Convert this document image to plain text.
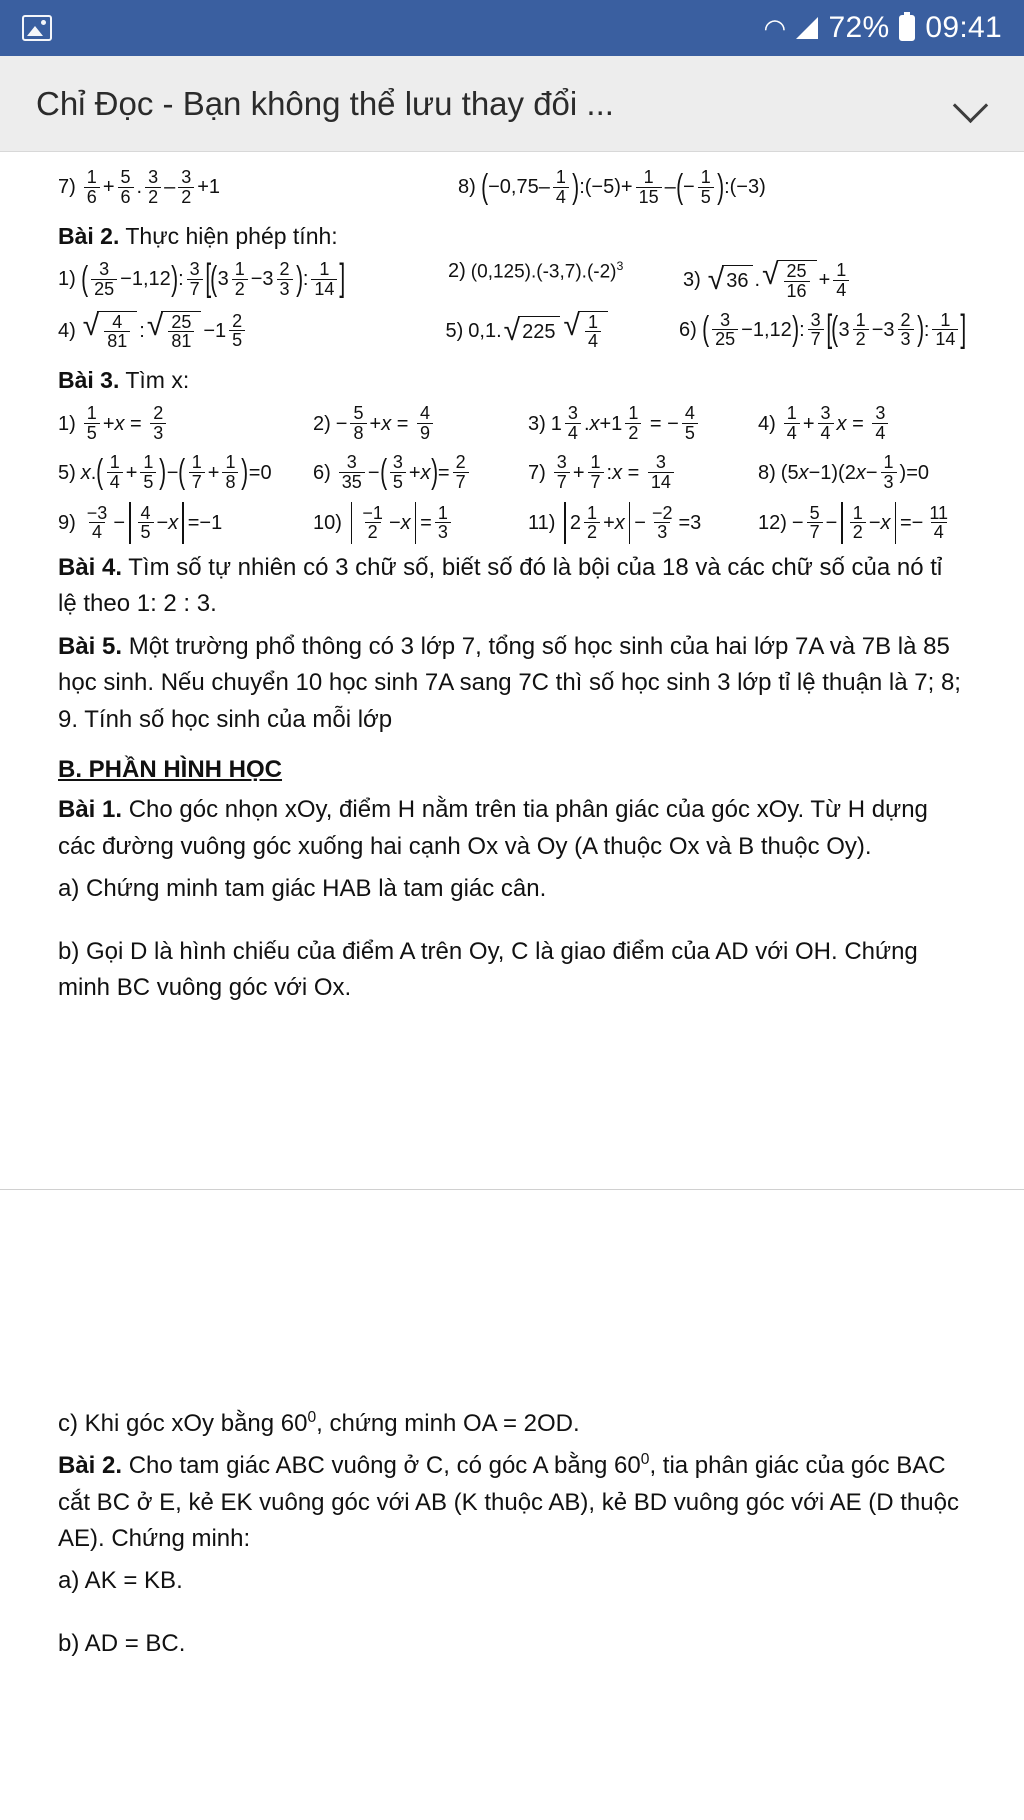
◠ 72% 09:41
Chỉ Đọc - Bạn không thể lưu thay đổi ...
$7) \frac{1}{6} + \frac{5}{6}$ . $\frac{3}{2} - \frac{3}{2} +1$	8) ( $-0,75- \frac{1}{4}$ ) :(−5)+ $\frac{1}{15}$ – ( − $\frac{1}{5}$ ) :(−3)
Bài 2. Thực hiện phép tính:
1) ( $\frac{3}{25} -1,12$ ) : $\frac{3}{7}$ [ ( $3 \frac{1}{2} -3 \frac{2}{3}$ ) : $\frac{1}{14}$ ]	2) $(0,125).(-3,7).(-2)^3$
3) √ 36 . √ $\frac{25}{16} + \frac{1}{4}$
4) √ $\frac{4}{81}$ : √ $\frac{25}{81} -1 \frac{2}{5}$	5) 0,1. √ 225 √ $\frac{1}{4}$	6) ( $\frac{3}{25} -1,12$ ) : $\frac{3}{7}$ [ ( $3 \frac{1}{2} -3 \frac{2}{3}$ ) : $\frac{1}{14}$ ]
Bài 3. Tìm x:
$1) \frac{1}{5} + x = \frac{2}{3}$	$2) - \frac{5}{8} + x = \frac{4}{9}$	3) $1 \frac{3}{4}$ . $x +1 \frac{1}{2}$ = − $\frac{4}{5}$	$4) \frac{1}{4} + \frac{3}{4}$ $x = \frac{3}{4}$
5) x . ( $\frac{1}{4} + \frac{1}{5}$ ) − ( $\frac{1}{7} + \frac{1}{8}$ ) =0	$6) \frac{3}{35}$ − ( $\frac{3}{5} + x$ ) = $\frac{2}{7}$	$7) \frac{3}{7} + \frac{1}{7}$ : $x = \frac{3}{14}$	8) (5 x −1)(2 $x - \frac{1}{3} )=0$
$9) \frac{-3}{4} - \frac{4}{5} - x =-1$	$10) \frac{-1}{2} - x = \frac{1}{3}$	11) $2 \frac{1}{2} + x - \frac{-2}{3} =3$	$12) - \frac{5}{7} - \frac{1}{2} - x =- \frac{11}{4}$
Bài 4. Tìm số tự nhiên có 3 chữ số, biết số đó là bội của 18 và các chữ số của nó tỉ lệ theo 1: 2 : 3.
Bài 5. Một trường phổ thông có 3 lớp 7, tổng số học sinh của hai lớp 7A và 7B là 85 học sinh. Nếu chuyển 10 học sinh 7A sang 7C thì số học sinh 3 lớp tỉ lệ thuận là 7; 8; 9. Tính số học sinh của mỗi lớp
B. PHẦN HÌNH HỌC
Bài 1. Cho góc nhọn xOy, điểm H nằm trên tia phân giác của góc xOy. Từ H dựng các đường vuông góc xuống hai cạnh Ox và Oy (A thuộc Ox và B thuộc Oy).
a) Chứng minh tam giác HAB là tam giác cân.
b) Gọi D là hình chiếu của điểm A trên Oy, C là giao điểm của AD với OH. Chứng minh BC vuông góc với Ox.
c) Khi góc xOy bằng $60^0$, chứng minh OA = 2OD.
Bài 2. Cho tam giác ABC vuông ở C, có góc A bằng $60^0$, tia phân giác của góc BAC cắt BC ở E, kẻ EK vuông góc với AB (K thuộc AB), kẻ BD vuông góc với AE (D thuộc AE). Chứng minh:
a) AK = KB.
b) AD = BC.
